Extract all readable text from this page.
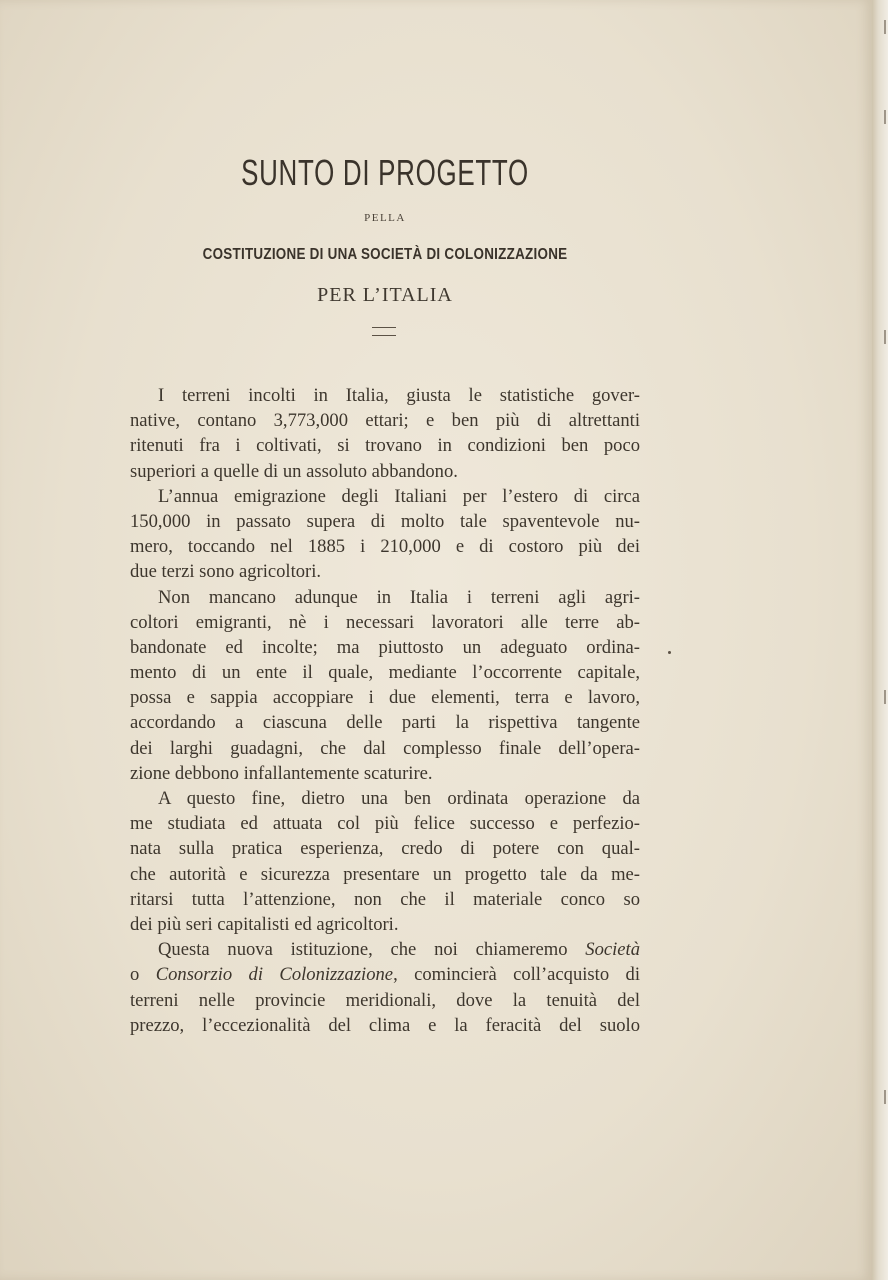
SUNTO DI PROGETTO

PELLA

COSTITUZIONE DI UNA SOCIETÀ DI COLONIZZAZIONE

PER L’ITALIA

I terreni incolti in Italia, giusta le statistiche gover-
native, contano 3,773,000 ettari; e ben più di altrettanti
ritenuti fra i coltivati, si trovano in condizioni ben poco
superiori a quelle di un assoluto abbandono.
L’annua emigrazione degli Italiani per l’estero di circa
150,000 in passato supera di molto tale spaventevole nu-
mero, toccando nel 1885 i 210,000 e di costoro più dei
due terzi sono agricoltori.
Non mancano adunque in Italia i terreni agli agri-
coltori emigranti, nè i necessari lavoratori alle terre ab-
bandonate ed incolte; ma piuttosto un adeguato ordina-
mento di un ente il quale, mediante l’occorrente capitale,
possa e sappia accoppiare i due elementi, terra e lavoro,
accordando a ciascuna delle parti la rispettiva tangente
dei larghi guadagni, che dal complesso finale dell’opera-
zione debbono infallantemente scaturire.
A questo fine, dietro una ben ordinata operazione da
me studiata ed attuata col più felice successo e perfezio-
nata sulla pratica esperienza, credo di potere con qual-
che autorità e sicurezza presentare un progetto tale da me-
ritarsi tutta l’attenzione, non che il materiale conco so
dei più seri capitalisti ed agricoltori.
Questa nuova istituzione, che noi chiameremo Società
o Consorzio di Colonizzazione, comincierà coll’acquisto di
terreni nelle provincie meridionali, dove la tenuità del
prezzo, l’eccezionalità del clima e la feracità del suolo
